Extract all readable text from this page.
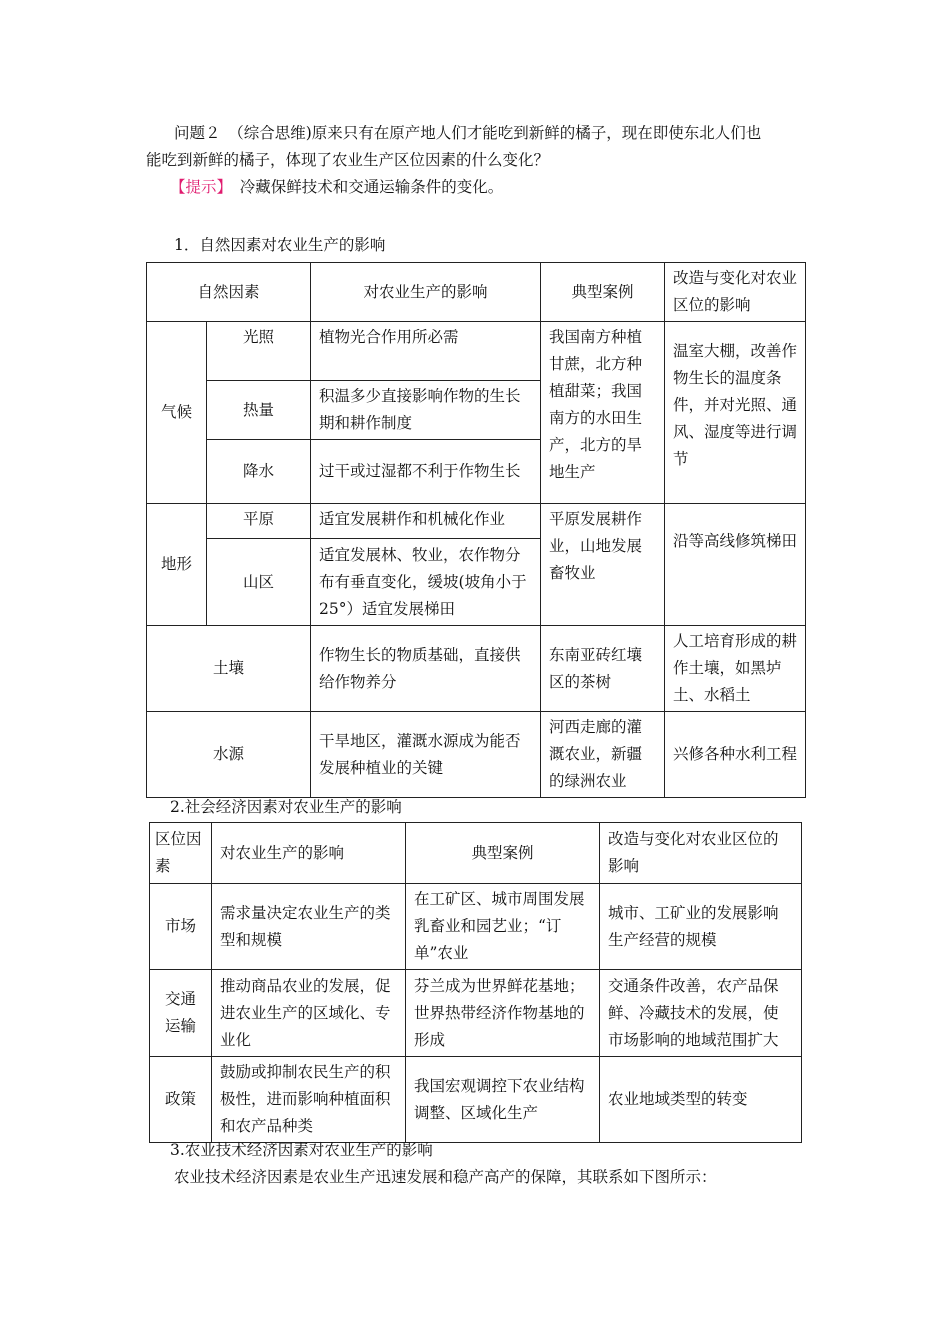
问题２　（综合思维)原来只有在原产地人们才能吃到新鲜的橘子，现在即使东北人们也

能吃到新鲜的橘子，体现了农业生产区位因素的什么变化？

【提示】　冷藏保鲜技术和交通运输条件的变化。

1．自然因素对农业生产的影响

自然因素		对农业生产的影响	典型案例	改造与变化对农业区位的影响
气候	光照	植物光合作用所必需	我国南方种植甘蔗，北方种植甜菜；我国南方的水田生产，北方的旱地生产	温室大棚，改善作物生长的温度条件，并对光照、通风、湿度等进行调节
	热量	积温多少直接影响作物的生长期和耕作制度		
	降水	过干或过湿都不利于作物生长		
地形	平原	适宜发展耕作和机械化作业	平原发展耕作业，山地发展畜牧业	沿等高线修筑梯田
	山区	适宜发展林、牧业，农作物分布有垂直变化，缓坡(坡角小于25°）适宜发展梯田		
土壤		作物生长的物质基础，直接供给作物养分	东南亚砖红壤区的茶树	人工培育形成的耕作土壤，如黑垆土、水稻土
水源		干旱地区，灌溉水源成为能否发展种植业的关键	河西走廊的灌溉农业，新疆的绿洲农业	兴修各种水利工程

2.社会经济因素对农业生产的影响

区位因素	对农业生产的影响	典型案例	改造与变化对农业区位的影响
市场	需求量决定农业生产的类型和规模	在工矿区、城市周围发展乳畜业和园艺业；“订单”农业	城市、工矿业的发展影响生产经营的规模
交通运输	推动商品农业的发展，促进农业生产的区域化、专业化	芬兰成为世界鲜花基地；世界热带经济作物基地的形成	交通条件改善，农产品保鲜、冷藏技术的发展，使市场影响的地域范围扩大
政策	鼓励或抑制农民生产的积极性，进而影响种植面积和农产品种类	我国宏观调控下农业结构调整、区域化生产	农业地域类型的转变

3.农业技术经济因素对农业生产的影响

农业技术经济因素是农业生产迅速发展和稳产高产的保障，其联系如下图所示：
